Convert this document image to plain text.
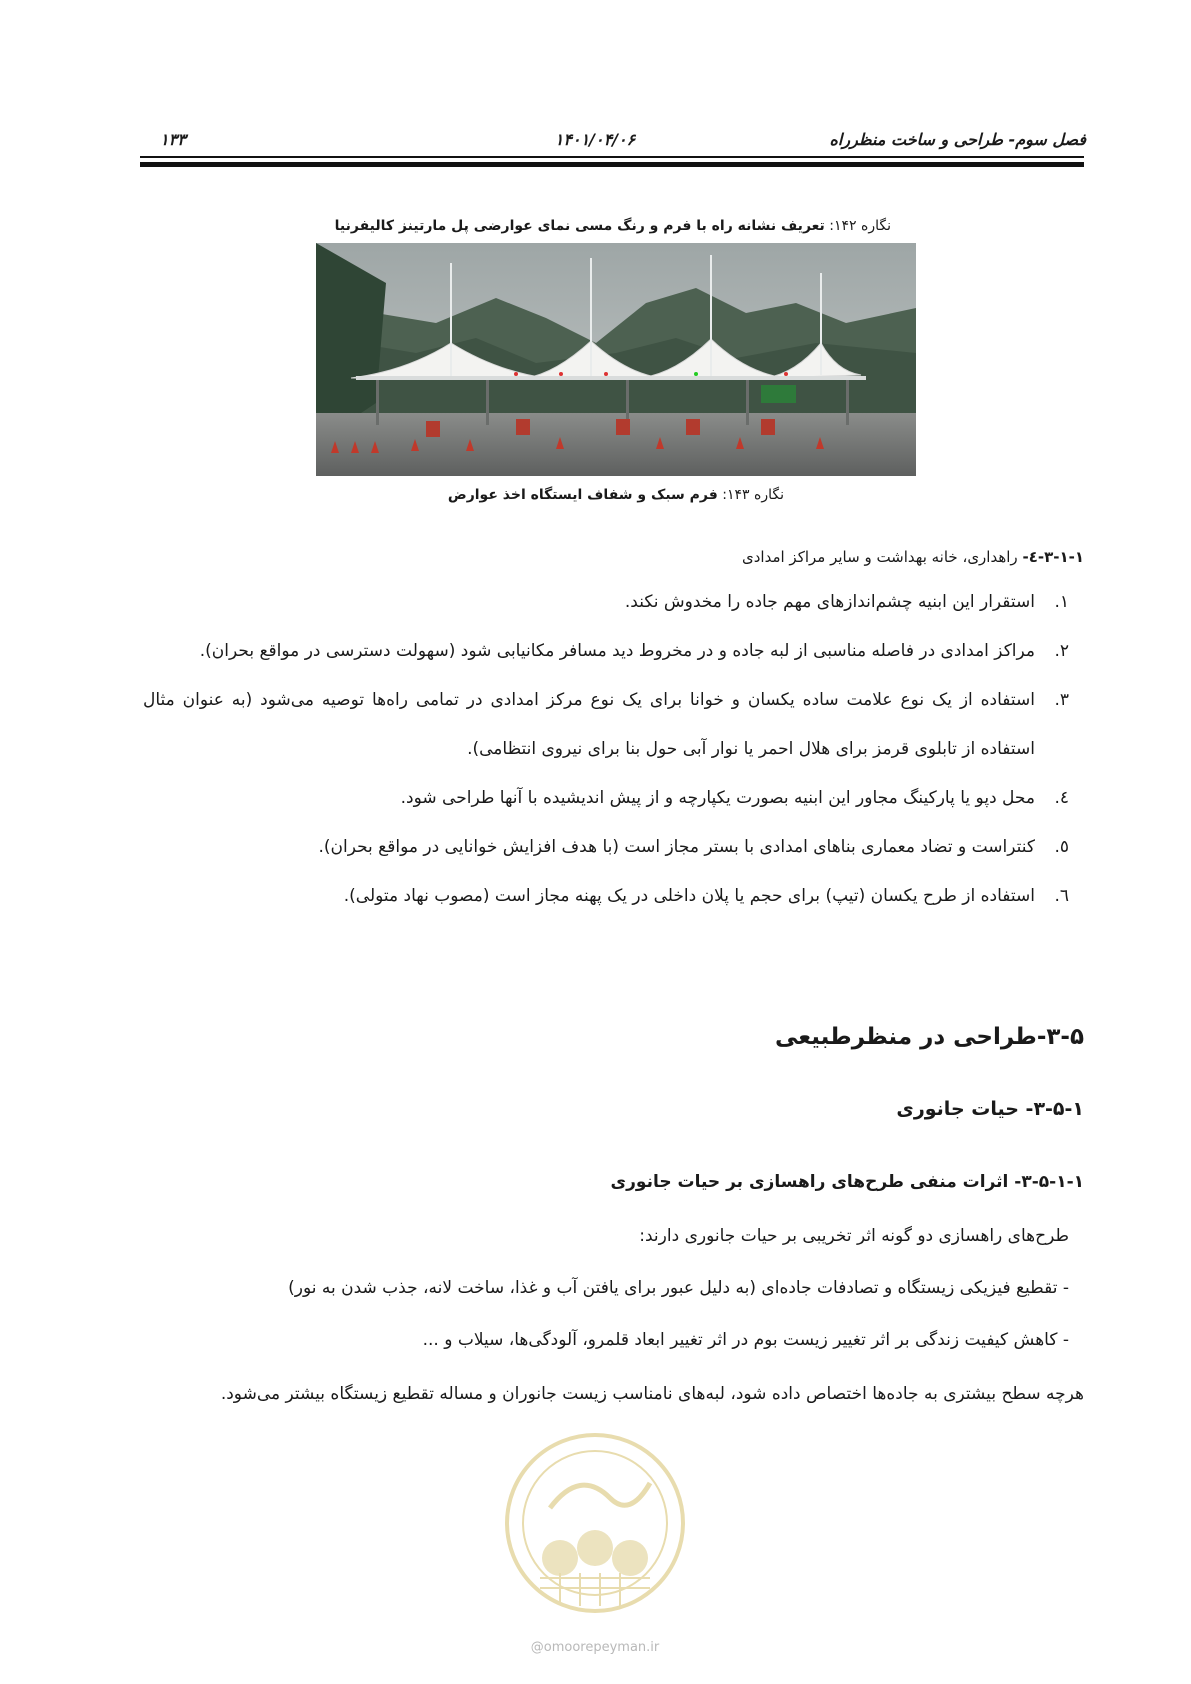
فصل سوم- طراحی و ساخت منظرراه
۱۴۰۱/۰۴/۰۶
۱۳۳
نگاره ۱۴۲: تعریف نشانه راه با فرم و رنگ مسی نمای عوارضی پل مارتینز کالیفرنیا
نگاره ۱۴۳: فرم سبک و شفاف ایستگاه اخذ عوارض
۳-۱-۱-٤- راهداری، خانه بهداشت و سایر مراکز امدادی
۱.
استقرار این ابنیه چشم‌اندازهای مهم جاده را مخدوش نکند.
۲.
مراکز امدادی در فاصله مناسبی از لبه جاده و در مخروط دید مسافر مکانیابی شود (سهولت دسترسی در مواقع بحران).
۳.
استفاده از یک نوع علامت ساده یکسان و خوانا برای یک نوع مرکز امدادی در تمامی راه‌ها توصیه می‌شود (به عنوان مثال استفاده از تابلوی قرمز برای هلال احمر یا نوار آبی حول بنا برای نیروی انتظامی).
٤.
محل دپو یا پارکینگ مجاور این ابنیه بصورت یکپارچه و از پیش اندیشیده با آنها طراحی شود.
٥.
کنتراست و تضاد معماری بناهای امدادی با بستر مجاز است (با هدف افزایش خوانایی در مواقع بحران).
٦.
استفاده از طرح یکسان (تیپ) برای حجم یا پلان داخلی در یک پهنه مجاز است (مصوب نهاد متولی).
۳-۵-طراحی در منظرطبیعی
۳-۵-۱- حیات جانوری
۳-۵-۱-۱- اثرات منفی طرح‌های راهسازی بر حیات جانوری
طرح‌های راهسازی دو گونه اثر تخریبی بر حیات جانوری دارند:
- تقطیع فیزیکی زیستگاه و تصادفات جاده‌ای (به دلیل عبور برای یافتن آب و غذا، ساخت لانه، جذب شدن به نور)
- کاهش کیفیت زندگی بر اثر تغییر زیست بوم در اثر تغییر ابعاد قلمرو، آلودگی‌ها، سیلاب و ...
هرچه سطح بیشتری به جاده‌ها اختصاص داده شود، لبه‌های نامناسب زیست جانوران و مساله تقطیع زیستگاه بیشتر می‌شود.
@omoorepeyman.ir
